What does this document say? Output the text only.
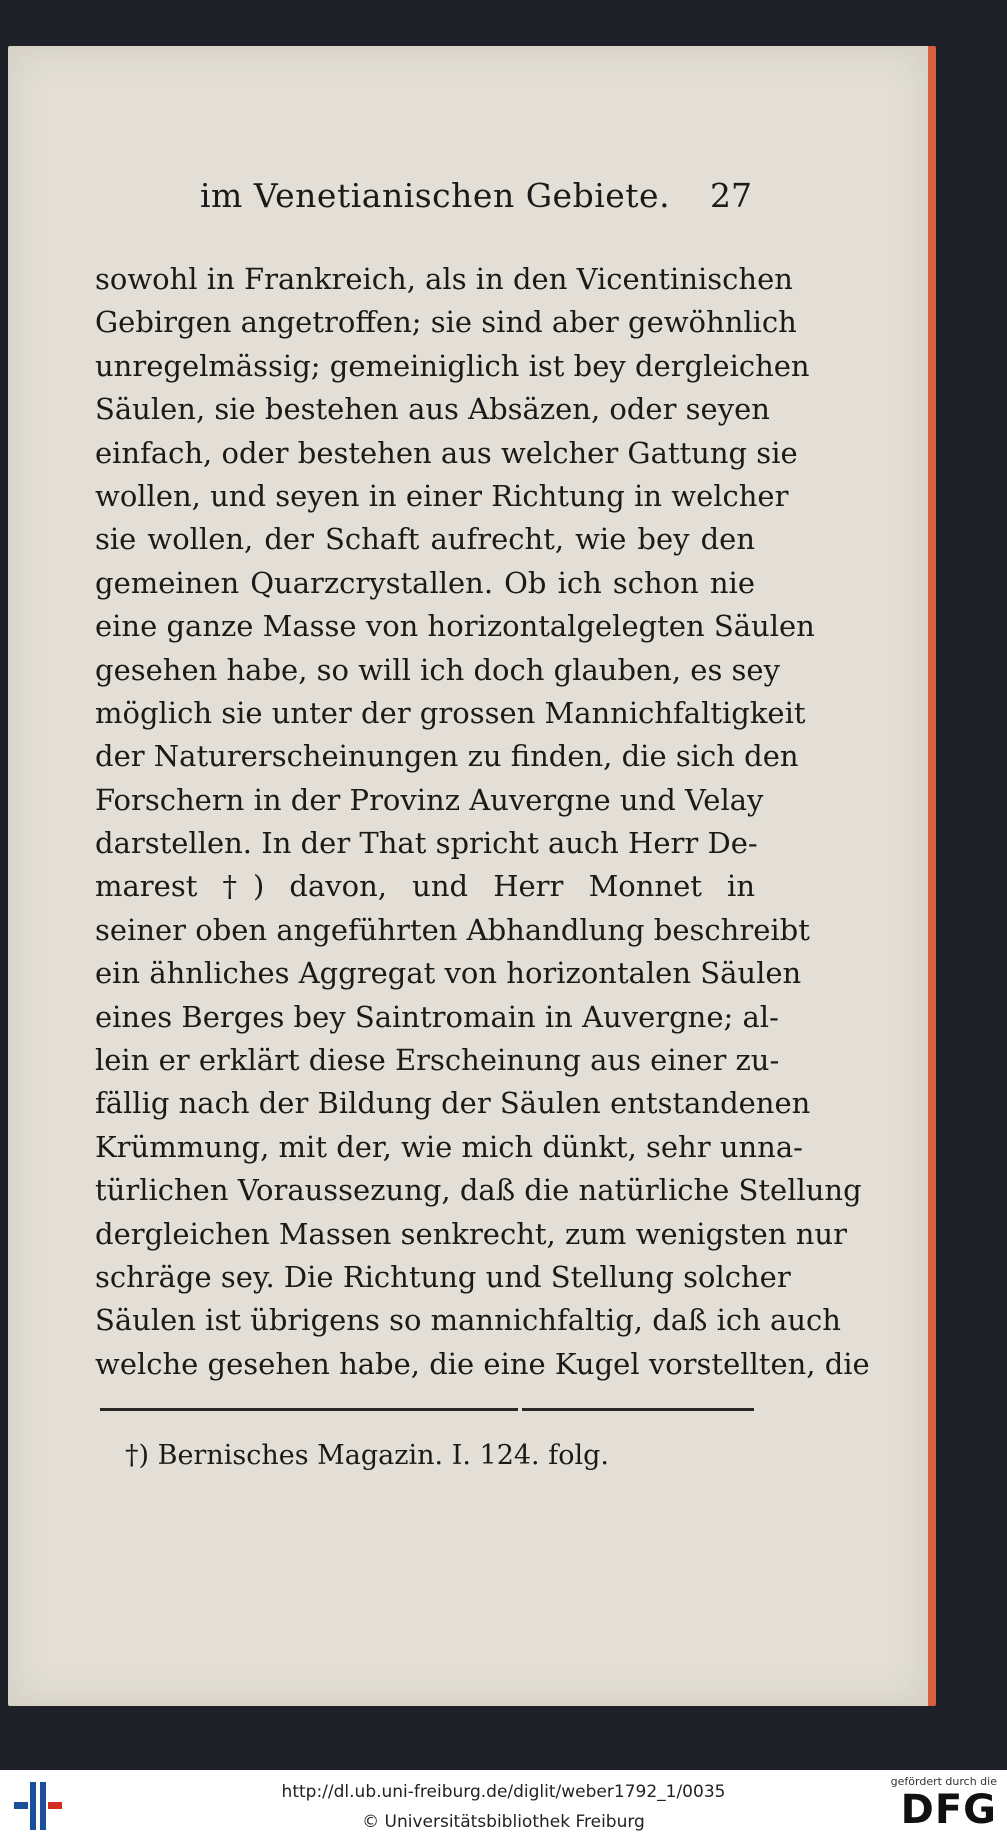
im Venetianischen Gebiete. 27
sowohl in Frankreich, als in den Vicentinischen
Gebirgen angetroffen; sie sind aber gewöhnlich
unregelmässig; gemeiniglich ist bey dergleichen
Säulen, sie bestehen aus Absäzen, oder seyen
einfach, oder bestehen aus welcher Gattung sie
wollen, und seyen in einer Richtung in welcher
sie wollen, der Schaft aufrecht, wie bey den
gemeinen Quarzcrystallen. Ob ich schon nie
eine ganze Masse von horizontalgelegten Säulen
gesehen habe, so will ich doch glauben, es sey
möglich sie unter der grossen Mannichfaltigkeit
der Naturerscheinungen zu finden, die sich den
Forschern in der Provinz Auvergne und Velay
darstellen. In der That spricht auch Herr De-
marest †) davon, und Herr Monnet in
seiner oben angeführten Abhandlung beschreibt
ein ähnliches Aggregat von horizontalen Säulen
eines Berges bey Saintromain in Auvergne; al-
lein er erklärt diese Erscheinung aus einer zu-
fällig nach der Bildung der Säulen entstandenen
Krümmung, mit der, wie mich dünkt, sehr unna-
türlichen Voraussezung, daß die natürliche Stellung
dergleichen Massen senkrecht, zum wenigsten nur
schräge sey. Die Richtung und Stellung solcher
Säulen ist übrigens so mannichfaltig, daß ich auch
welche gesehen habe, die eine Kugel vorstellten, die
†) Bernisches Magazin. I. 124. folg.
http://dl.ub.uni-freiburg.de/diglit/weber1792_1/0035
© Universitätsbibliothek Freiburg
gefördert durch die
DFG
